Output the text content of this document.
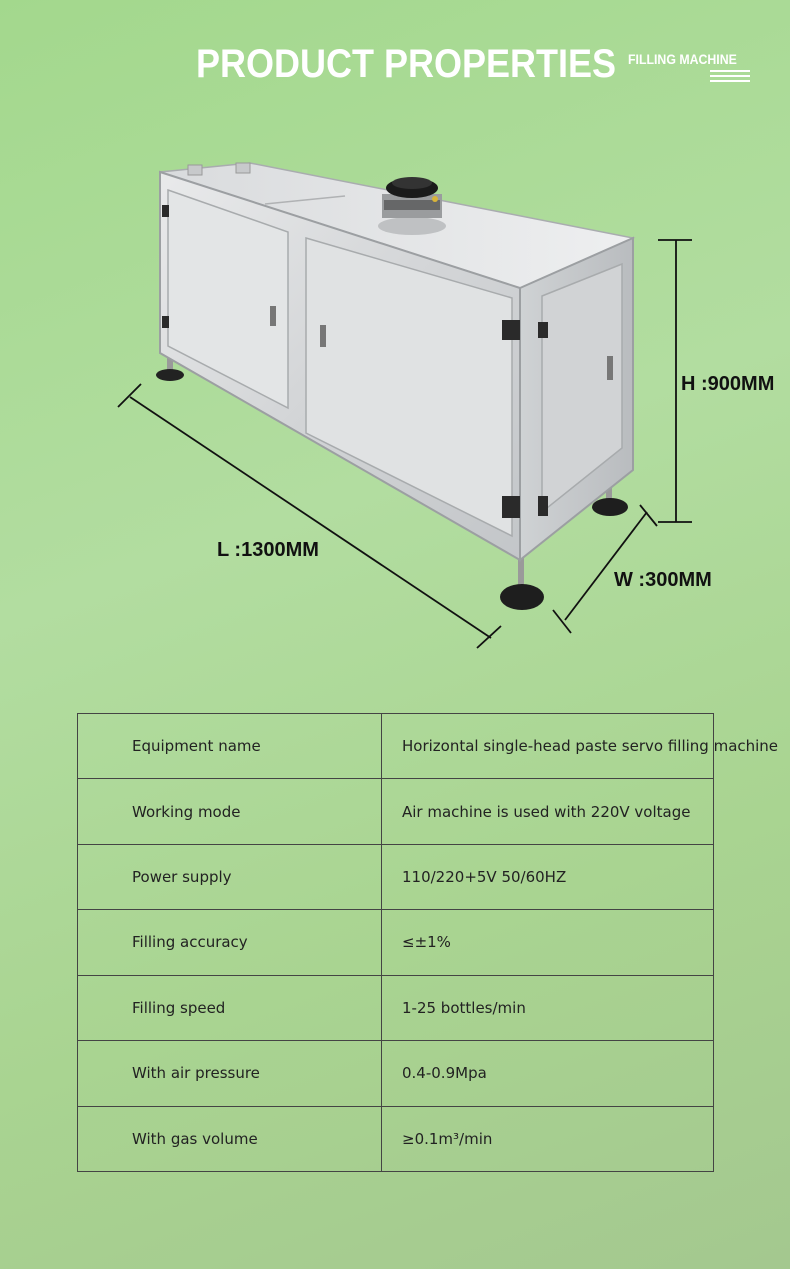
PRODUCT PROPERTIES FILLING MACHINE
H :900MM
L :1300MM
W :300MM
Equipment name	Horizontal single-head paste servo filling machine
Working mode	Air machine is used with 220V voltage
Power supply	110/220+5V 50/60HZ
Filling accuracy	≤±1%
Filling speed	1-25 bottles/min
With air pressure	0.4-0.9Mpa
With gas volume	≥0.1m³/min
